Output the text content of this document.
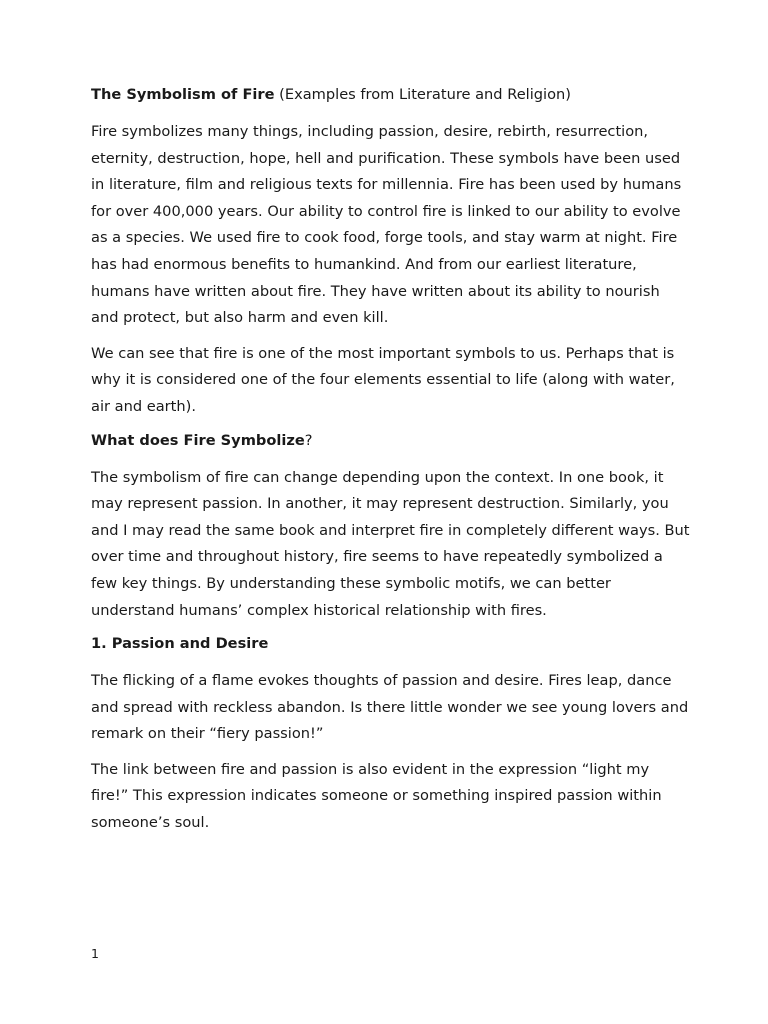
The Symbolism of Fire (Examples from Literature and Religion)

Fire symbolizes many things, including passion, desire, rebirth, resurrection, eternity, destruction, hope, hell and purification. These symbols have been used in literature, film and religious texts for millennia. Fire has been used by humans for over 400,000 years. Our ability to control fire is linked to our ability to evolve as a species. We used fire to cook food, forge tools, and stay warm at night. Fire has had enormous benefits to humankind. And from our earliest literature, humans have written about fire. They have written about its ability to nourish and protect, but also harm and even kill.

We can see that fire is one of the most important symbols to us. Perhaps that is why it is considered one of the four elements essential to life (along with water, air and earth).

What does Fire Symbolize?

The symbolism of fire can change depending upon the context. In one book, it may represent passion. In another, it may represent destruction. Similarly, you and I may read the same book and interpret fire in completely different ways. But over time and throughout history, fire seems to have repeatedly symbolized a few key things. By understanding these symbolic motifs, we can better understand humans’ complex historical relationship with fires.

1. Passion and Desire

The flicking of a flame evokes thoughts of passion and desire. Fires leap, dance and spread with reckless abandon. Is there little wonder we see young lovers and remark on their “fiery passion!”

The link between fire and passion is also evident in the expression “light my fire!” This expression indicates someone or something inspired passion within someone’s soul.

1
